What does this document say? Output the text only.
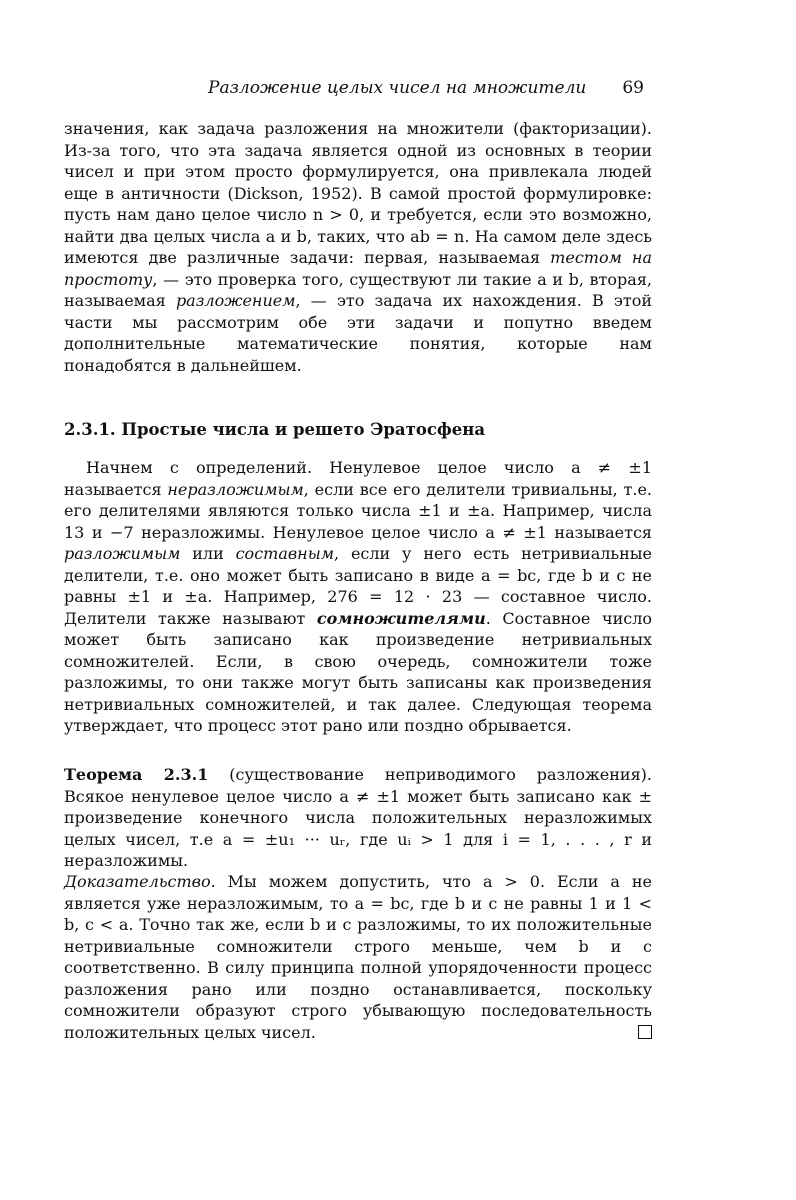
Разложение целых чисел на множители 69

значения, как задача разложения на множители (факторизации). Из-за того, что эта задача является одной из основных в теории чисел и при этом просто формулируется, она привлекала людей еще в античности (Dickson, 1952). В самой простой формулировке: пусть нам дано целое число n > 0, и требуется, если это возможно, найти два целых числа a и b, таких, что ab = n. На самом деле здесь имеются две различные задачи: первая, называемая тестом на простоту, — это проверка того, существуют ли такие a и b, вторая, называемая разложением, — это задача их нахождения. В этой части мы рассмотрим обе эти задачи и попутно введем дополнительные математические понятия, которые нам понадобятся в дальнейшем.

2.3.1. Простые числа и решето Эратосфена

Начнем с определений. Ненулевое целое число a ≠ ±1 называется неразложимым, если все его делители тривиальны, т.е. его делителями являются только числа ±1 и ±a. Например, числа 13 и −7 неразложимы. Ненулевое целое число a ≠ ±1 называется разложимым или составным, если у него есть нетривиальные делители, т.е. оно может быть записано в виде a = bc, где b и c не равны ±1 и ±a. Например, 276 = 12 · 23 — составное число. Делители также называют сомножителями. Составное число может быть записано как произведение нетривиальных сомножителей. Если, в свою очередь, сомножители тоже разложимы, то они также могут быть записаны как произведения нетривиальных сомножителей, и так далее. Следующая теорема утверждает, что процесс этот рано или поздно обрывается.

Теорема 2.3.1 (существование неприводимого разложения). Всякое ненулевое целое число a ≠ ±1 может быть записано как ± произведение конечного числа положительных неразложимых целых чисел, т.е a = ±u₁ ··· uᵣ, где uᵢ > 1 для i = 1, . . . , r и неразложимы.

Доказательство. Мы можем допустить, что a > 0. Если a не является уже неразложимым, то a = bc, где b и c не равны 1 и 1 < b, c < a. Точно так же, если b и c разложимы, то их положительные нетривиальные сомножители строго меньше, чем b и c соответственно. В силу принципа полной упорядоченности процесс разложения рано или поздно останавливается, поскольку сомножители образуют строго убывающую последовательность положительных целых чисел.
